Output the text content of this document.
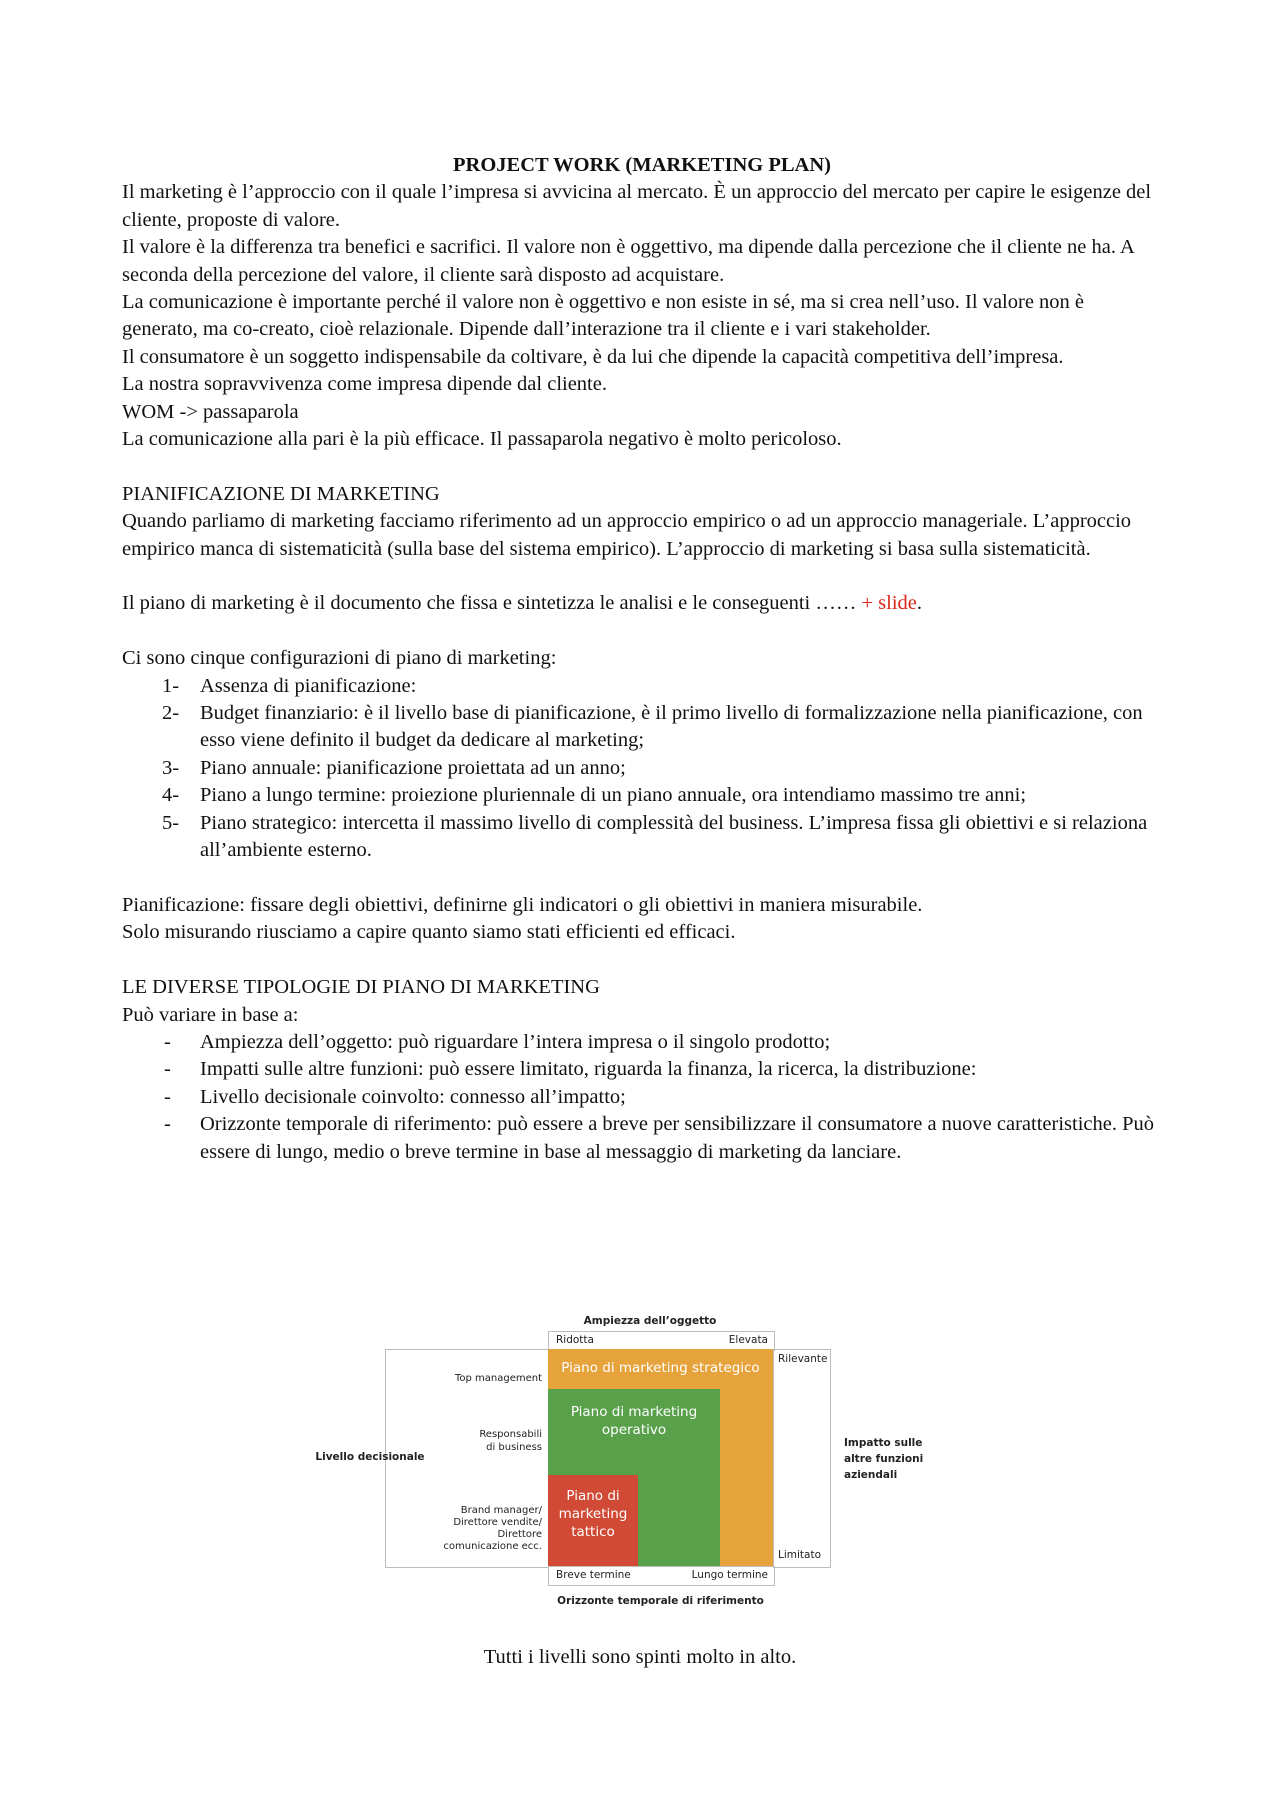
PROJECT WORK (MARKETING PLAN)

Il marketing è l’approccio con il quale l’impresa si avvicina al mercato. È un approccio del mercato per capire le esigenze del cliente, proposte di valore.

Il valore è la differenza tra benefici e sacrifici. Il valore non è oggettivo, ma dipende dalla percezione che il cliente ne ha. A seconda della percezione del valore, il cliente sarà disposto ad acquistare.

La comunicazione è importante perché il valore non è oggettivo e non esiste in sé, ma si crea nell’uso. Il valore non è generato, ma co-creato, cioè relazionale. Dipende dall’interazione tra il cliente e i vari stakeholder.

Il consumatore è un soggetto indispensabile da coltivare, è da lui che dipende la capacità competitiva dell’impresa.

La nostra sopravvivenza come impresa dipende dal cliente.

WOM -> passaparola

La comunicazione alla pari è la più efficace. Il passaparola negativo è molto pericoloso.

PIANIFICAZIONE DI MARKETING

Quando parliamo di marketing facciamo riferimento ad un approccio empirico o ad un approccio manageriale. L’approccio empirico manca di sistematicità (sulla base del sistema empirico). L’approccio di marketing si basa sulla sistematicità.

Il piano di marketing è il documento che fissa e sintetizza le analisi e le conseguenti …… + slide.

Ci sono cinque configurazioni di piano di marketing:

1- Assenza di pianificazione:
2- Budget finanziario: è il livello base di pianificazione, è il primo livello di formalizzazione nella pianificazione, con esso viene definito il budget da dedicare al marketing;
3- Piano annuale: pianificazione proiettata ad un anno;
4- Piano a lungo termine: proiezione pluriennale di un piano annuale, ora intendiamo massimo tre anni;
5- Piano strategico: intercetta il massimo livello di complessità del business. L’impresa fissa gli obiettivi e si relaziona all’ambiente esterno.

Pianificazione: fissare degli obiettivi, definirne gli indicatori o gli obiettivi in maniera misurabile.

Solo misurando riusciamo a capire quanto siamo stati efficienti ed efficaci.

LE DIVERSE TIPOLOGIE DI PIANO DI MARKETING

Può variare in base a:

- Ampiezza dell’oggetto: può riguardare l’intera impresa o il singolo prodotto;
- Impatti sulle altre funzioni: può essere limitato, riguarda la finanza, la ricerca, la distribuzione:
- Livello decisionale coinvolto: connesso all’impatto;
- Orizzonte temporale di riferimento: può essere a breve per sensibilizzare il consumatore a nuove caratteristiche. Può essere di lungo, medio o breve termine in base al messaggio di marketing da lanciare.
Ampiezza dell’oggetto
Ridotta	Elevata
Rilevante
Limitato
Impatto sulle altre funzioni aziendali
Top management
Responsabili di business
Brand manager/ Direttore vendite/ Direttore comunicazione ecc.
Livello decisionale
Piano di marketing strategico
Piano di marketing operativo
Piano di marketing tattico
Breve termine	Lungo termine
Orizzonte temporale di riferimento
Tutti i livelli sono spinti molto in alto.
